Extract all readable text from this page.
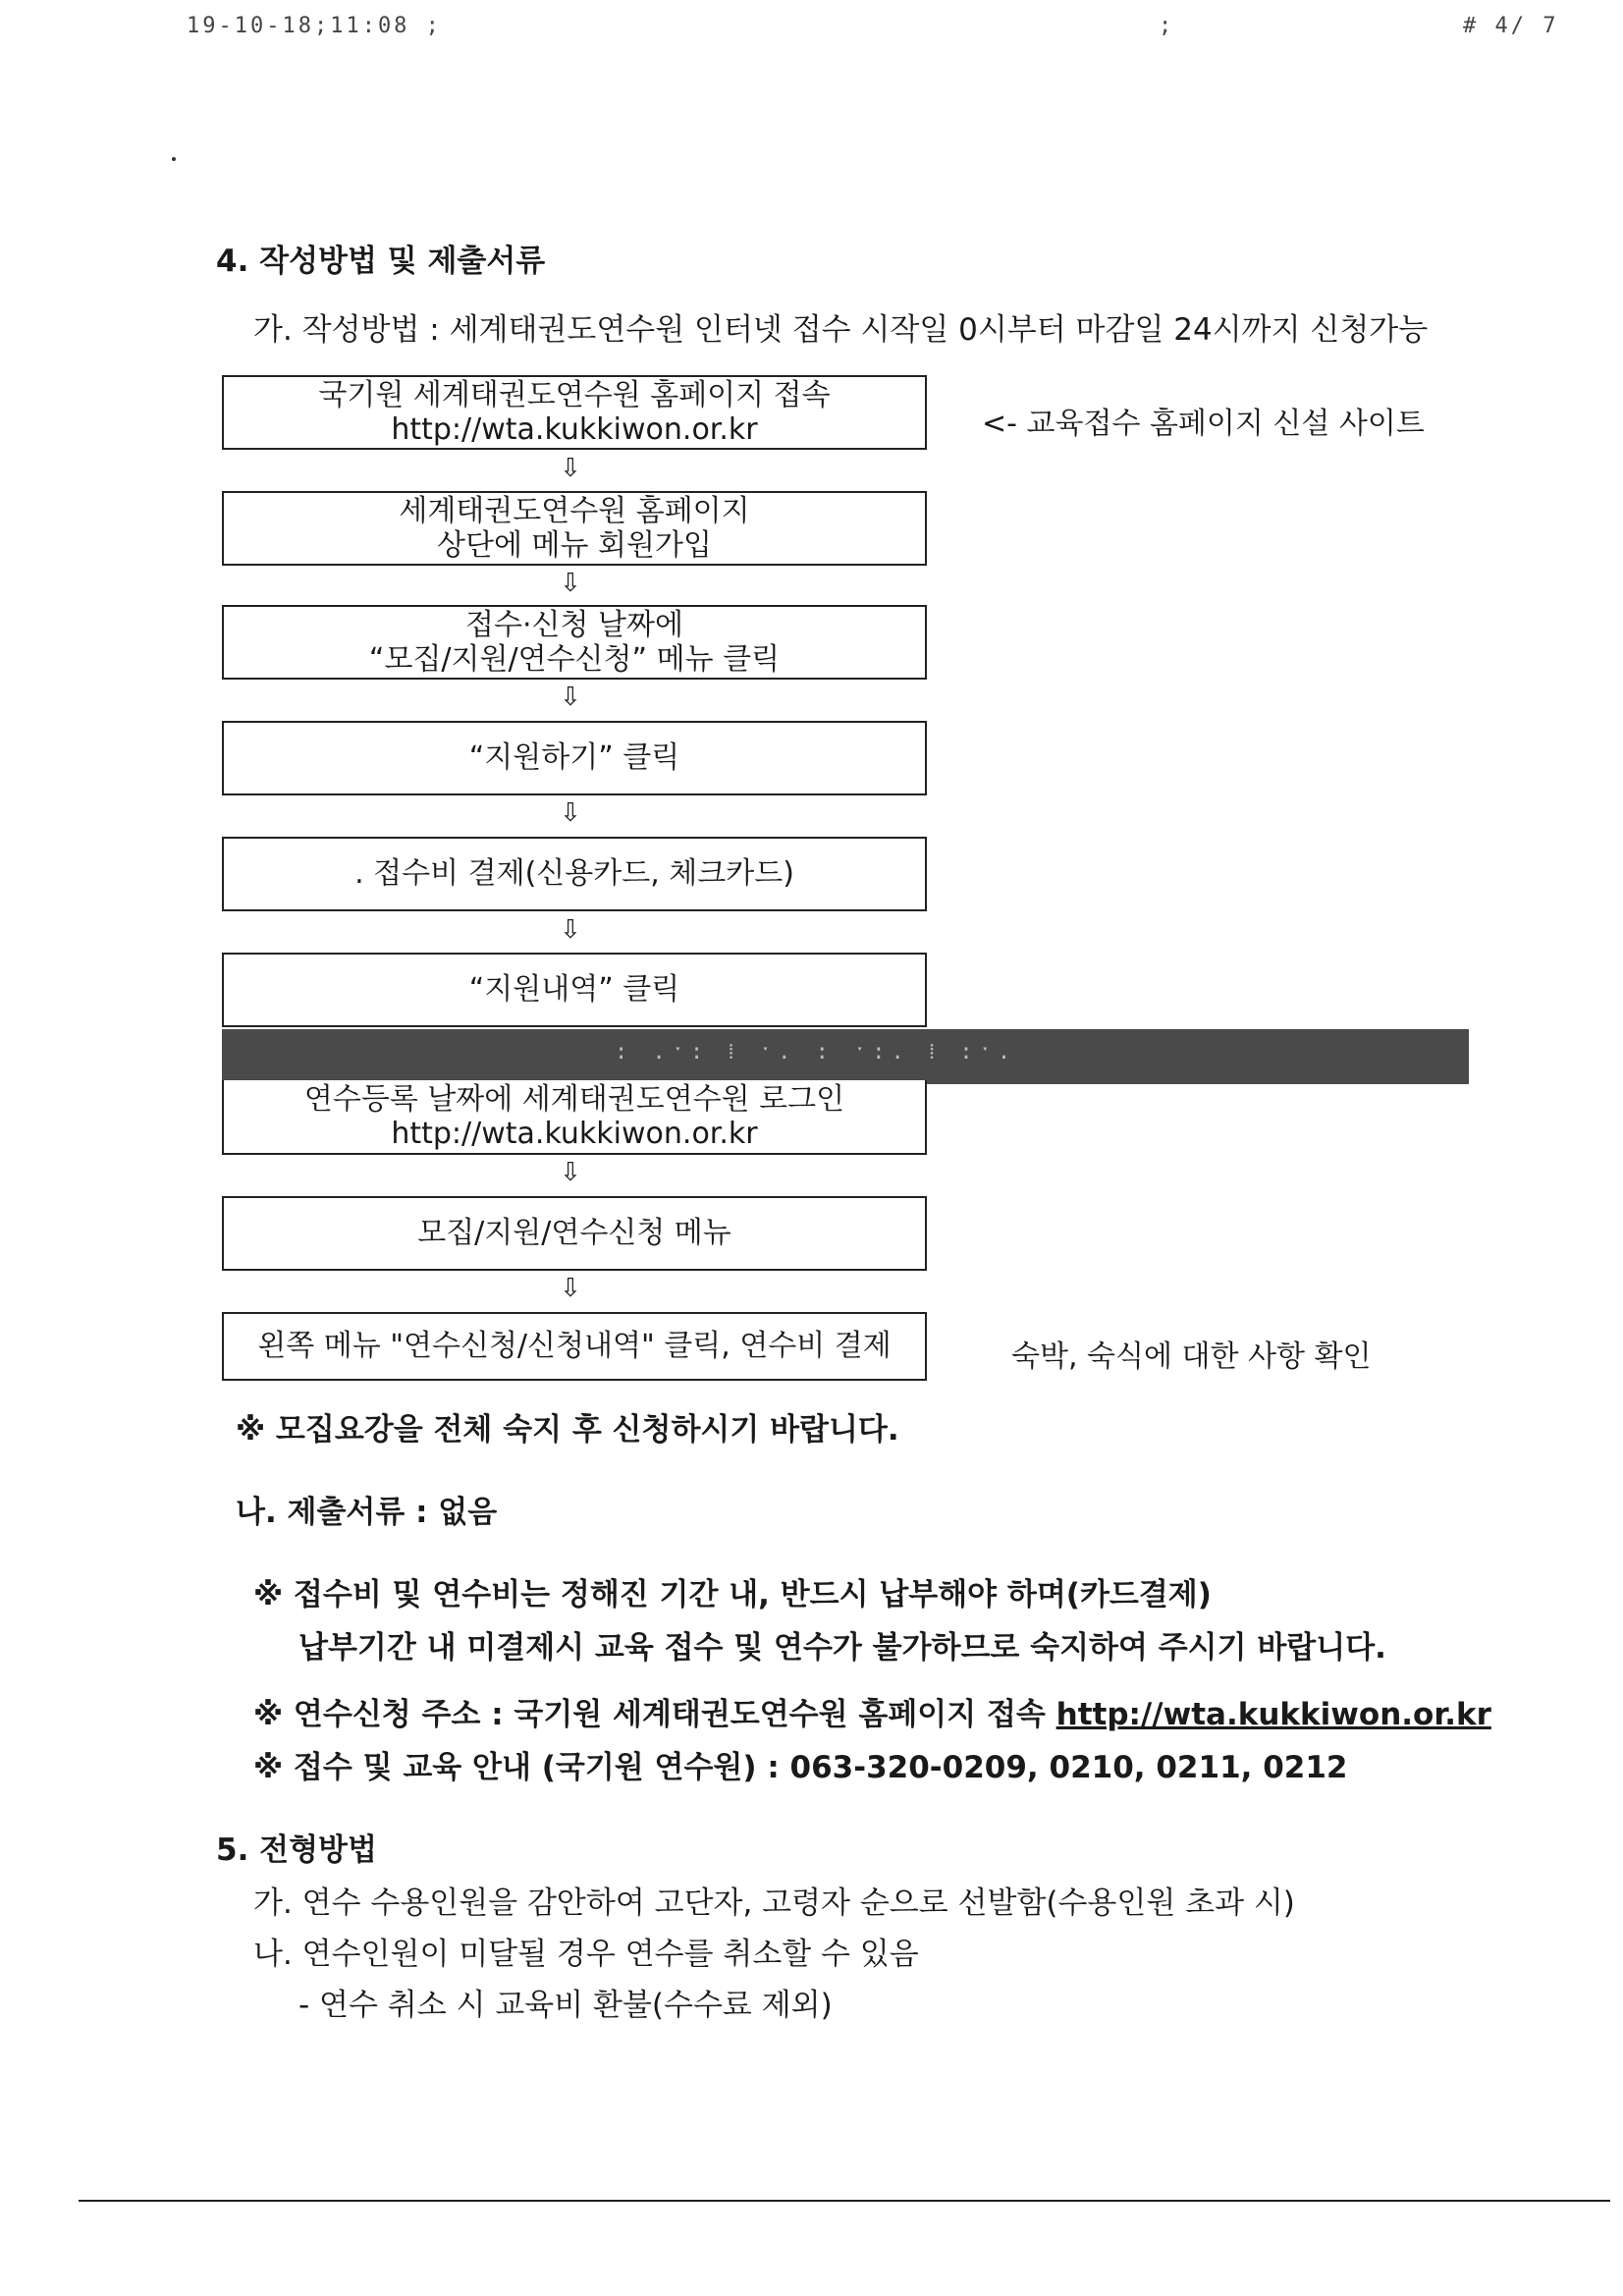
19-10-18;11:08 ;	;	# 4/ 7
4. 작성방법 및 제출서류
가. 작성방법 : 세계태권도연수원 인터넷 접수 시작일 0시부터 마감일 24시까지 신청가능
국기원 세계태권도연수원 홈페이지 접속
http://wta.kukkiwon.or.kr	<- 교육접수 홈페이지 신설 사이트
⇩
세계태권도연수원 홈페이지
상단에 메뉴 회원가입
⇩
접수·신청 날짜에
“모집/지원/연수신청” 메뉴 클릭
⇩
“지원하기” 클릭
⇩
. 접수비 결제(신용카드, 체크카드)
⇩
“지원내역” 클릭
: .ˑ: ⁞ ˑ. : ˑ:. ⁞ :ˑ.
연수등록 날짜에 세계태권도연수원 로그인
http://wta.kukkiwon.or.kr
⇩
모집/지원/연수신청 메뉴
⇩
왼쪽 메뉴 "연수신청/신청내역" 클릭, 연수비 결제	숙박, 숙식에 대한 사항 확인
※ 모집요강을 전체 숙지 후 신청하시기 바랍니다.
나. 제출서류 : 없음
※ 접수비 및 연수비는 정해진 기간 내, 반드시 납부해야 하며(카드결제)
납부기간 내 미결제시 교육 접수 및 연수가 불가하므로 숙지하여 주시기 바랍니다.
※ 연수신청 주소 : 국기원 세계태권도연수원 홈페이지 접속 http://wta.kukkiwon.or.kr
※ 접수 및 교육 안내 (국기원 연수원) : 063-320-0209, 0210, 0211, 0212
5. 전형방법
가. 연수 수용인원을 감안하여 고단자, 고령자 순으로 선발함(수용인원 초과 시)
나. 연수인원이 미달될 경우 연수를 취소할 수 있음
- 연수 취소 시 교육비 환불(수수료 제외)
